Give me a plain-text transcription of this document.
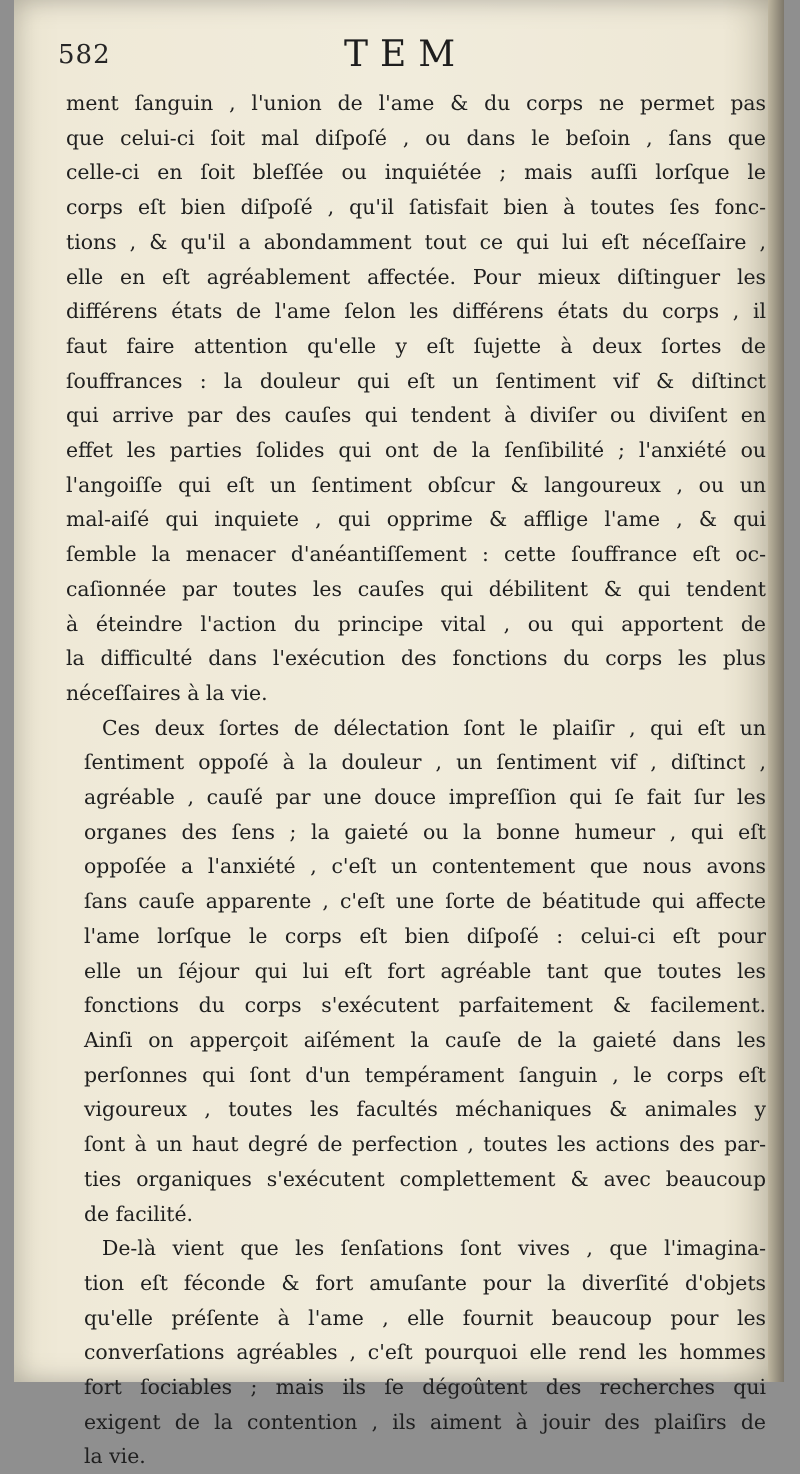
582	TEM

ment ſanguin , l'union de l'ame & du corps ne permet pas
que celui-ci ſoit mal diſpoſé , ou dans le beſoin , ſans que
celle-ci en ſoit bleſſée ou inquiétée ; mais auſſi lorſque le
corps eſt bien diſpoſé , qu'il ſatisfait bien à toutes ſes fonc-
tions , & qu'il a abondamment tout ce qui lui eſt néceſſaire ,
elle en eſt agréablement affectée. Pour mieux diſtinguer les
différens états de l'ame ſelon les différens états du corps , il
faut faire attention qu'elle y eſt ſujette à deux ſortes de
ſouffrances : la douleur qui eſt un ſentiment vif & diſtinct
qui arrive par des cauſes qui tendent à diviſer ou diviſent en
effet les parties ſolides qui ont de la ſenſibilité ; l'anxiété ou
l'angoiſſe qui eſt un ſentiment obſcur & langoureux , ou un
mal-aiſé qui inquiete , qui opprime & afflige l'ame , & qui
ſemble la menacer d'anéantiſſement : cette ſouffrance eſt oc-
caſionnée par toutes les cauſes qui débilitent & qui tendent
à éteindre l'action du principe vital , ou qui apportent de
la difficulté dans l'exécution des fonctions du corps les plus
néceſſaires à la vie.

Ces deux ſortes de délectation ſont le plaiſir , qui eſt un
ſentiment oppoſé à la douleur , un ſentiment vif , diſtinct ,
agréable , cauſé par une douce impreſſion qui ſe fait ſur les
organes des ſens ; la gaieté ou la bonne humeur , qui eſt
oppoſée a l'anxiété , c'eſt un contentement que nous avons
ſans cauſe apparente , c'eſt une ſorte de béatitude qui affecte
l'ame lorſque le corps eſt bien diſpoſé : celui-ci eſt pour
elle un ſéjour qui lui eſt fort agréable tant que toutes les
fonctions du corps s'exécutent parfaitement & facilement.
Ainſi on apperçoit aiſément la cauſe de la gaieté dans les
perſonnes qui ſont d'un tempérament ſanguin , le corps eſt
vigoureux , toutes les facultés méchaniques & animales y
ſont à un haut degré de perfection , toutes les actions des par-
ties organiques s'exécutent complettement & avec beaucoup
de facilité.

De-là vient que les ſenſations ſont vives , que l'imagina-
tion eſt féconde & fort amuſante pour la diverſité d'objets
qu'elle préſente à l'ame , elle fournit beaucoup pour les
converſations agréables , c'eſt pourquoi elle rend les hommes
fort ſociables ; mais ils ſe dégoûtent des recherches qui
exigent de la contention , ils aiment à jouir des plaiſirs de
la vie.
